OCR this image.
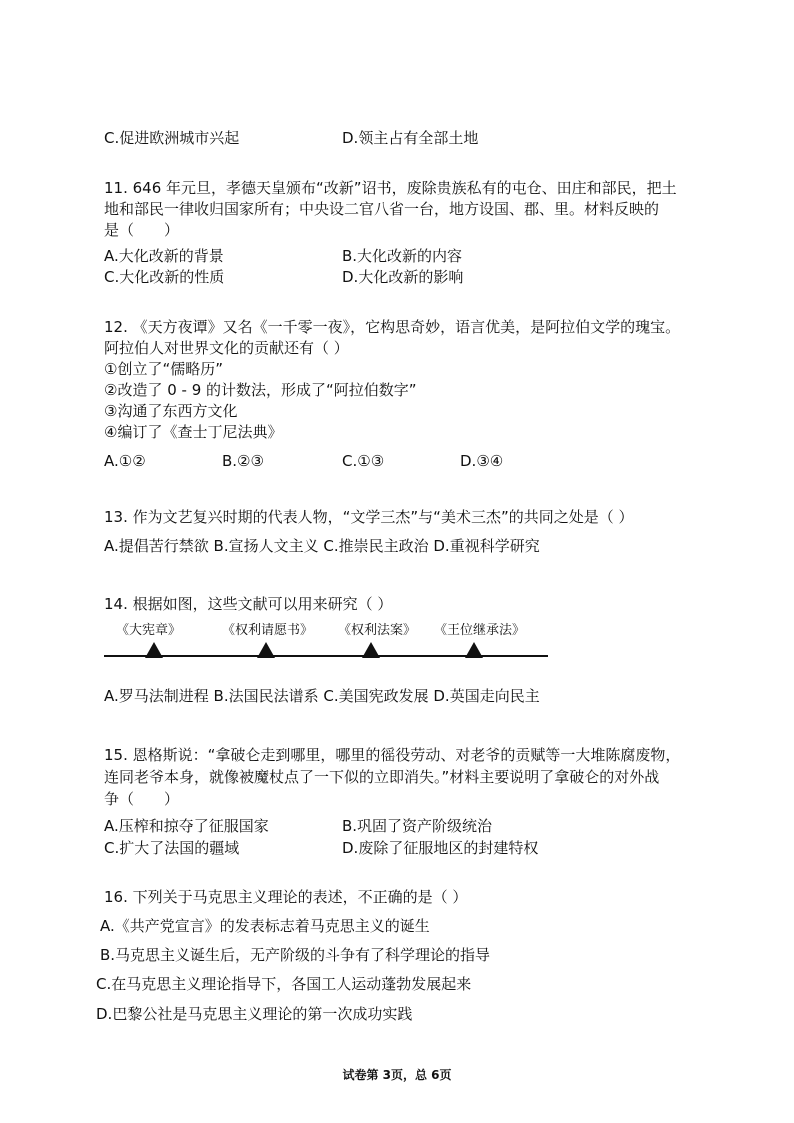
C.促进欧洲城市兴起	D.领主占有全部土地
11. 646 年元旦，孝德天皇颁布“改新”诏书，废除贵族私有的屯仓、田庄和部民，把土
地和部民一律收归国家所有；中央设二官八省一台，地方设国、郡、里。材料反映的
是（　　）
A.大化改新的背景	B.大化改新的内容
C.大化改新的性质	D.大化改新的影响
12. 《天方夜谭》又名《一千零一夜》，它构思奇妙，语言优美，是阿拉伯文学的瑰宝。
阿拉伯人对世界文化的贡献还有（ ）
①创立了“儒略历”
②改造了 0 - 9 的计数法，形成了“阿拉伯数字”
③沟通了东西方文化
④编订了《查士丁尼法典》
A.①②	B.②③	C.①③	D.③④
13. 作为文艺复兴时期的代表人物，“文学三杰”与“美术三杰”的共同之处是（ ）
A.提倡苦行禁欲 B.宣扬人文主义 C.推崇民主政治 D.重视科学研究
14. 根据如图，这些文献可以用来研究（ ）
《大宪章》	《权利请愿书》 《权利法案》 《王位继承法》
A.罗马法制进程 B.法国民法谱系 C.美国宪政发展 D.英国走向民主
15. 恩格斯说：“拿破仑走到哪里，哪里的徭役劳动、对老爷的贡赋等一大堆陈腐废物，
连同老爷本身，就像被魔杖点了一下似的立即消失。”材料主要说明了拿破仑的对外战
争（　　）
A.压榨和掠夺了征服国家	B.巩固了资产阶级统治
C.扩大了法国的疆域	D.废除了征服地区的封建特权
16. 下列关于马克思主义理论的表述，不正确的是（ ）
A.《共产党宣言》的发表标志着马克思主义的诞生
B.马克思主义诞生后，无产阶级的斗争有了科学理论的指导
C.在马克思主义理论指导下，各国工人运动蓬勃发展起来
D.巴黎公社是马克思主义理论的第一次成功实践
试卷第 3页，总 6页
